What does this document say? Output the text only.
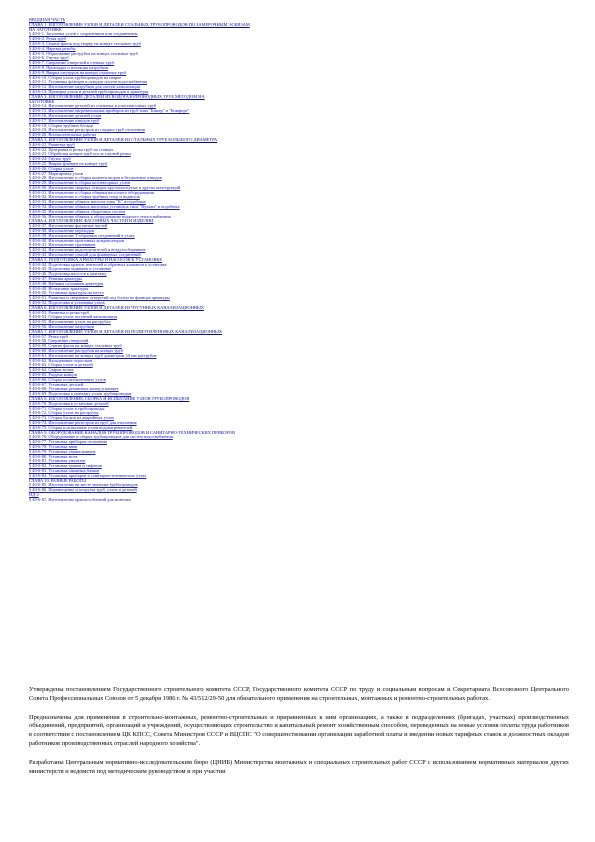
ВВОДНАЯ ЧАСТЬ
ГЛАВА 1. ИЗГОТОВЛЕНИЕ УЗЛОВ И ДЕТАЛЕЙ СТАЛЬНЫХ ТРУБОПРОВОДОВ ПО ЗАМЕРОЧНЫМ ЭСКИЗАМ
НА ЗАГОТОВКЕ
§ 40-6-1. Заготовка узлов с сохранением или соединением
§ 40-6-2. Резка труб
§ 40-6-3. Снятие фасок под сварку на концах стальных труб
§ 40-6-4. Нарезка резьбы
§ 40-6-5. Образование раструбов на концах стальных труб
§ 40-6-6. Гнутье труб
§ 40-6-7. Сверление отверстий в стенках труб
§ 40-6-8. Прокладка и изоляция патрубков
§ 40-6-9. Вварка штуцеров на концах стальных труб
§ 40-6-10. Сборка узлов трубопроводов на сварке
§ 40-6-11. Установка фланцев и отводов систем водоснабжения
§ 40-6-12. Изготовление патрубков для систем канализации
§ 40-6-13. Проверка узлов и деталей трубопроводов и арматуры
ГЛАВА 2. ИЗГОТОВЛЕНИЕ ДЕТАЛЕЙ ИЗ ВОДОГАЗОПРОВОДНЫХ ТРУБ МЕТОДОМ НА
ЗАГОТОВКЕ
§ 40-6-14. Изготовление деталей из стальных и пластмассовых труб
§ 40-6-15. Изготовление нагревательных приборов из труб типа "Бимер" и "Комфорт"
§ 40-6-16. Изготовление деталей узлов
§ 40-6-17. Изготовление отводов труб
§ 40-6-18. Сборка трубных блоков
§ 40-6-19. Изготовление регистров из гладких труб отопления
§ 40-6-20. Вспомогательные работы
ГЛАВА 3. ИЗГОТОВЛЕНИЕ УЗЛОВ И ДЕТАЛЕЙ ИЗ СТАЛЬНЫХ ТРУБ БОЛЬШОГО ДИАМЕТРА
§ 40-6-21. Разметка труб
§ 40-6-22. Центровка и резка труб на станках
§ 40-6-23. Обработка концов труб после газовой резки
§ 40-6-24. Гнутье труб
§ 40-6-25. Вварка фланцев на концах труб
§ 40-6-26. Сборка узлов
§ 40-6-27. Маркировка узлов
§ 40-6-28. Изготовление и сборка компенсаторов и бесшовных отводов
§ 40-6-29. Изготовление и сборка коллекторных узлов
§ 40-6-30. Изготовление сварных отводов крутоизогнутых и других конструкций
§ 40-6-31. Изготовление и сборка обвязки насосного оборудования
§ 40-6-32. Изготовление и сборка трубных опор и подвесок
§ 40-6-33. Изготовление обвязок насосов типа "К" и подобных
§ 40-6-34. Изготовление обвязок насосных установок типа "Вулкан" и подобных
§ 40-6-35. Изготовление обвязок сборочных систем
§ 40-6-36. Изготовление обвязок к оборудованию водяного теплоснабжения
ГЛАВА 4. ИЗГОТОВЛЕНИЕ ФАСОННЫХ ЧАСТЕЙ И ИЗДЕЛИЙ
§ 40-6-37. Изготовление фасонных частей
§ 40-6-38. Изготовление переходов
§ 40-6-39. Изготовление Т-образных соединений в узлах
§ 40-6-40. Изготовление проточных конденсаторов
§ 40-6-41. Изготовление грязевиков
§ 40-6-42. Изготовление водоотделителей и воздухосборников
§ 40-6-43. Изготовление секций для фланцевых соединений
ГЛАВА 5. ПОДГОТОВКА АРМАТУРЫ И НАСОСОВ К УСТАНОВКЕ
§ 40-6-44. Подготовка кранов, вентилей и обратных клапанов к установке
§ 40-6-45. Подготовка задвижек к установке
§ 40-6-46. Подготовка насосов к монтажу
§ 40-6-47. Ревизия арматуры
§ 40-6-48. Набивка сальников арматуры
§ 40-6-49. Испытание арматуры
§ 40-6-50. Установка арматуры на место
§ 40-6-51. Разметка и сверление отверстий под болты во фланцах арматуры
§ 40-6-52. Подготовка и установка узлов
ГЛАВА 6. ИЗГОТОВЛЕНИЕ УЗЛОВ И ДЕТАЛЕЙ ИЗ ЧУГУННЫХ КАНАЛИЗАЦИОННЫХ
§ 40-6-53. Разметка и резка труб
§ 40-6-54. Сборка узлов чугунной канализации
§ 40-6-55. Изготовление узлов на раструбах
§ 40-6-56. Изготовление патрубков
ГЛАВА 7. ИЗГОТОВЛЕНИЕ УЗЛОВ И ДЕТАЛЕЙ ИЗ ПОЛИЭТИЛЕНОВЫХ КАНАЛИЗАЦИОННЫХ
§ 40-6-57. Резка труб
§ 40-6-58. Сверление отверстий
§ 40-6-59. Снятие фасок на концах стальных труб
§ 40-6-60. Изготовление раструбов на концах труб
§ 40-6-61. Изготовление на концах труб диаметром 50 мм раструбов
§ 40-6-62. Вальцевание отростков
§ 40-6-63. Сборка узлов и деталей
§ 40-6-64. Сварка встык
§ 40-6-65. Раздача концов
§ 40-6-66. Сборка полиэтиленовых узлов
§ 40-6-67. Установка деталей
§ 40-6-68. Установка резиновых колец и манжет
§ 40-6-69. Подготовка к монтажу узлов трубопроводов
ГЛАВА 8. ИЗГОТОВЛЕНИЕ, СБОРКА И ИСПЫТАНИЕ УЗЛОВ ТРУБОПРОВОДОВ
§ 40-6-70. Подготовка к установке деталей
§ 40-6-71. Сборка узлов в трубопроводы
§ 40-6-72. Сборка узлов на раструбах
§ 40-6-73. Сборка блоков на аварийных узлах
§ 40-6-74. Изготовление регистров из труб для отопления
§ 40-6-75. Сборка и испытание узлов водонагревателей
ГЛАВА 9. ОБОРУДОВАНИЕ КАНАЛОВ ТРУБОПРОВОДОВ И САНИТАРНО-ТЕХНИЧЕСКИХ ПРИБОРОВ
§ 40-6-76. Оборудование и сборка трубопроводов для систем водоснабжения
§ 40-6-77. Установка приборов отопления
§ 40-6-78. Установка ванн
§ 40-6-79. Установка умывальников
§ 40-6-80. Установка моек
§ 40-6-81. Установка унитазов
§ 40-6-82. Установка трапов и сифонов
§ 40-6-83. Установка смывных бачков
§ 40-6-84. Установка приборов в санитарно-технических узлах
ГЛАВА 10. РАЗНЫЕ РАБОТЫ
§ 40-6-85. Изготовление на месте монтажа трубопроводов
§ 40-6-86. Перемещение и погрузка труб, узлов и деталей
НД-2
§ 40-6-87. Изготовление приспособлений для монтажа

Утверждены постановлением Государственного строительного комитета СССР, Государственного комитета СССР по труду и социальным вопросам и Секретариата Всесоюзного Центрального Совета Профессиональных Союзов от 5 декабря 1986 г. № 43/512/29-50 для обязательного применения на строительных, монтажных и ремонтно-строительных работах.

Предназначены для применения в строительно-монтажных, ремонтно-строительных и приравненных к ним организациях, а также в подразделениях (бригадах, участках) производственных объединений, предприятий, организаций и учреждений, осуществляющих строительство и капитальный ремонт хозяйственным способом, переведенных на новые условия оплаты труда работников в соответствии с постановлением ЦК КПСС, Совета Министров СССР и ВЦСПС "О совершенствовании организации заработной платы и введении новых тарифных ставок и должностных окладов работников производственных отраслей народного хозяйства".

Разработаны Центральным нормативно-исследовательским бюро (ЦНИБ) Министерства монтажных и специальных строительных работ СССР с использованием нормативных материалов других министерств и ведомств под методическим руководством и при участии
